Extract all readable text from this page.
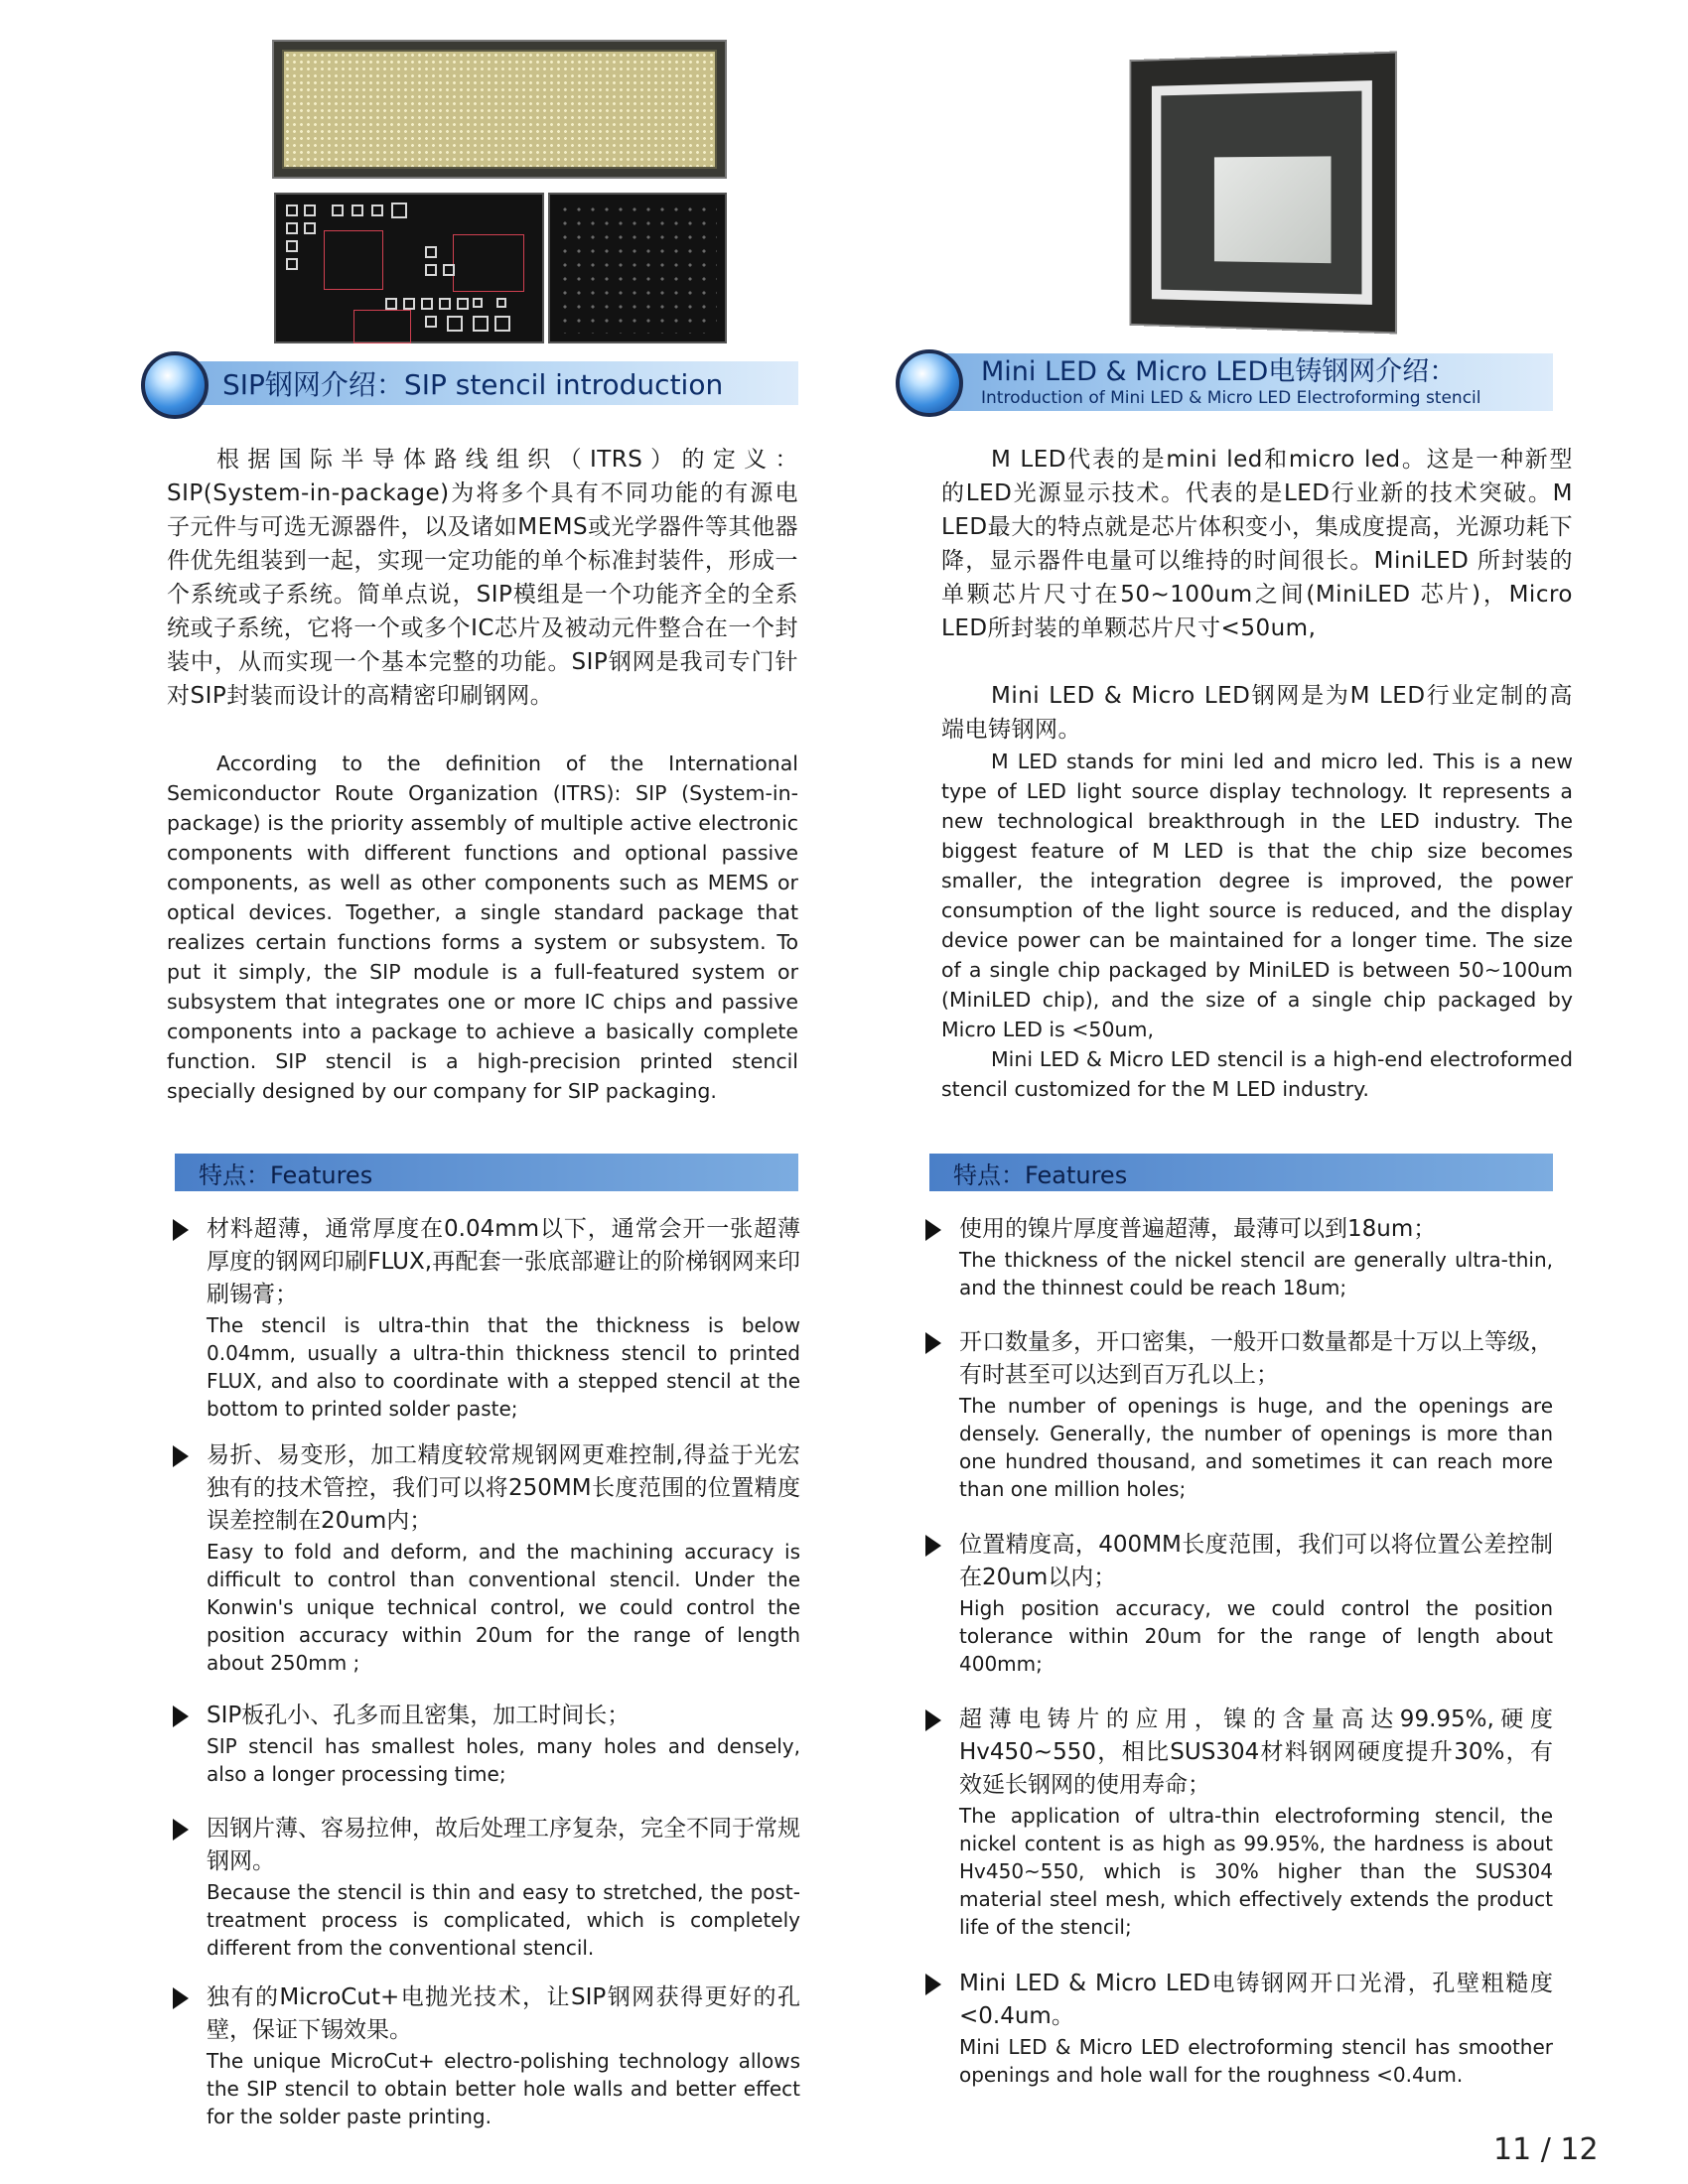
SIP钢网介绍：SIP stencil introduction	Mini LED & Micro LED电铸钢网介绍：
Introduction of Mini LED & Micro LED Electroforming stencil
根据国际半导体路线组织（ITRS）的定义：SIP(System-in-package)为将多个具有不同功能的有源电子元件与可选无源器件，以及诸如MEMS或光学器件等其他器件优先组装到一起，实现一定功能的单个标准封装件，形成一个系统或子系统。简单点说，SIP模组是一个功能齐全的全系统或子系统，它将一个或多个IC芯片及被动元件整合在一个封装中，从而实现一个基本完整的功能。SIP钢网是我司专门针对SIP封装而设计的高精密印刷钢网。
According to the definition of the International Semiconductor Route Organization (ITRS): SIP (System-in-package) is the priority assembly of multiple active electronic components with different functions and optional passive components, as well as other components such as MEMS or optical devices. Together, a single standard package that realizes certain functions forms a system or subsystem. To put it simply, the SIP module is a full-featured system or subsystem that integrates one or more IC chips and passive components into a package to achieve a basically complete function. SIP stencil is a high-precision printed stencil specially designed by our company for SIP packaging.
M LED代表的是mini led和micro led。这是一种新型的LED光源显示技术。代表的是LED行业新的技术突破。M LED最大的特点就是芯片体积变小，集成度提高，光源功耗下降，显示器件电量可以维持的时间很长。MiniLED 所封装的单颗芯片尺寸在50~100um之间(MiniLED 芯片)，Micro LED所封装的单颗芯片尺寸<50um,
Mini LED & Micro LED钢网是为M LED行业定制的高端电铸钢网。
M LED stands for mini led and micro led. This is a new type of LED light source display technology. It represents a new technological breakthrough in the LED industry. The biggest feature of M LED is that the chip size becomes smaller, the integration degree is improved, the power consumption of the light source is reduced, and the display device power can be maintained for a longer time. The size of a single chip packaged by MiniLED is between 50~100um (MiniLED chip), and the size of a single chip packaged by Micro LED is <50um,
Mini LED & Micro LED stencil is a high-end electroformed stencil customized for the M LED industry.
特点：Features	特点：Features
材料超薄，通常厚度在0.04mm以下，通常会开一张超薄厚度的钢网印刷FLUX,再配套一张底部避让的阶梯钢网来印刷锡膏；
The stencil is ultra-thin that the thickness is below 0.04mm, usually a ultra-thin thickness stencil to printed FLUX, and also to coordinate with a stepped stencil at the bottom to printed solder paste;
易折、易变形，加工精度较常规钢网更难控制,得益于光宏独有的技术管控，我们可以将250MM长度范围的位置精度误差控制在20um内；
Easy to fold and deform, and the machining accuracy is difficult to control than conventional stencil. Under the Konwin's unique technical control, we could control the position accuracy within 20um for the range of length about 250mm ;
SIP板孔小、孔多而且密集，加工时间长；
SIP stencil has smallest holes, many holes and densely, also a longer processing time;
因钢片薄、容易拉伸，故后处理工序复杂，完全不同于常规钢网。
Because the stencil is thin and easy to stretched, the post-treatment process is complicated, which is completely different from the conventional stencil.
独有的MicroCut+电抛光技术，让SIP钢网获得更好的孔壁，保证下锡效果。
The unique MicroCut+ electro-polishing technology allows the SIP stencil to obtain better hole walls and better effect for the solder paste printing.
使用的镍片厚度普遍超薄，最薄可以到18um；
The thickness of the nickel stencil are generally ultra-thin, and the thinnest could be reach 18um;
开口数量多，开口密集，一般开口数量都是十万以上等级，有时甚至可以达到百万孔以上；
The number of openings is huge, and the openings are densely. Generally, the number of openings is more than one hundred thousand, and sometimes it can reach more than one million holes;
位置精度高，400MM长度范围，我们可以将位置公差控制在20um以内；
High position accuracy, we could control the position tolerance within 20um for the range of length about 400mm;
超薄电铸片的应用，镍的含量高达99.95%,硬度Hv450~550，相比SUS304材料钢网硬度提升30%，有效延长钢网的使用寿命；
The application of ultra-thin electroforming stencil, the nickel content is as high as 99.95%, the hardness is about Hv450~550, which is 30% higher than the SUS304 material steel mesh, which effectively extends the product life of the stencil;
Mini LED & Micro LED电铸钢网开口光滑，孔壁粗糙度<0.4um。
Mini LED & Micro LED electroforming stencil has smoother openings and hole wall for the roughness <0.4um.
11 / 12
